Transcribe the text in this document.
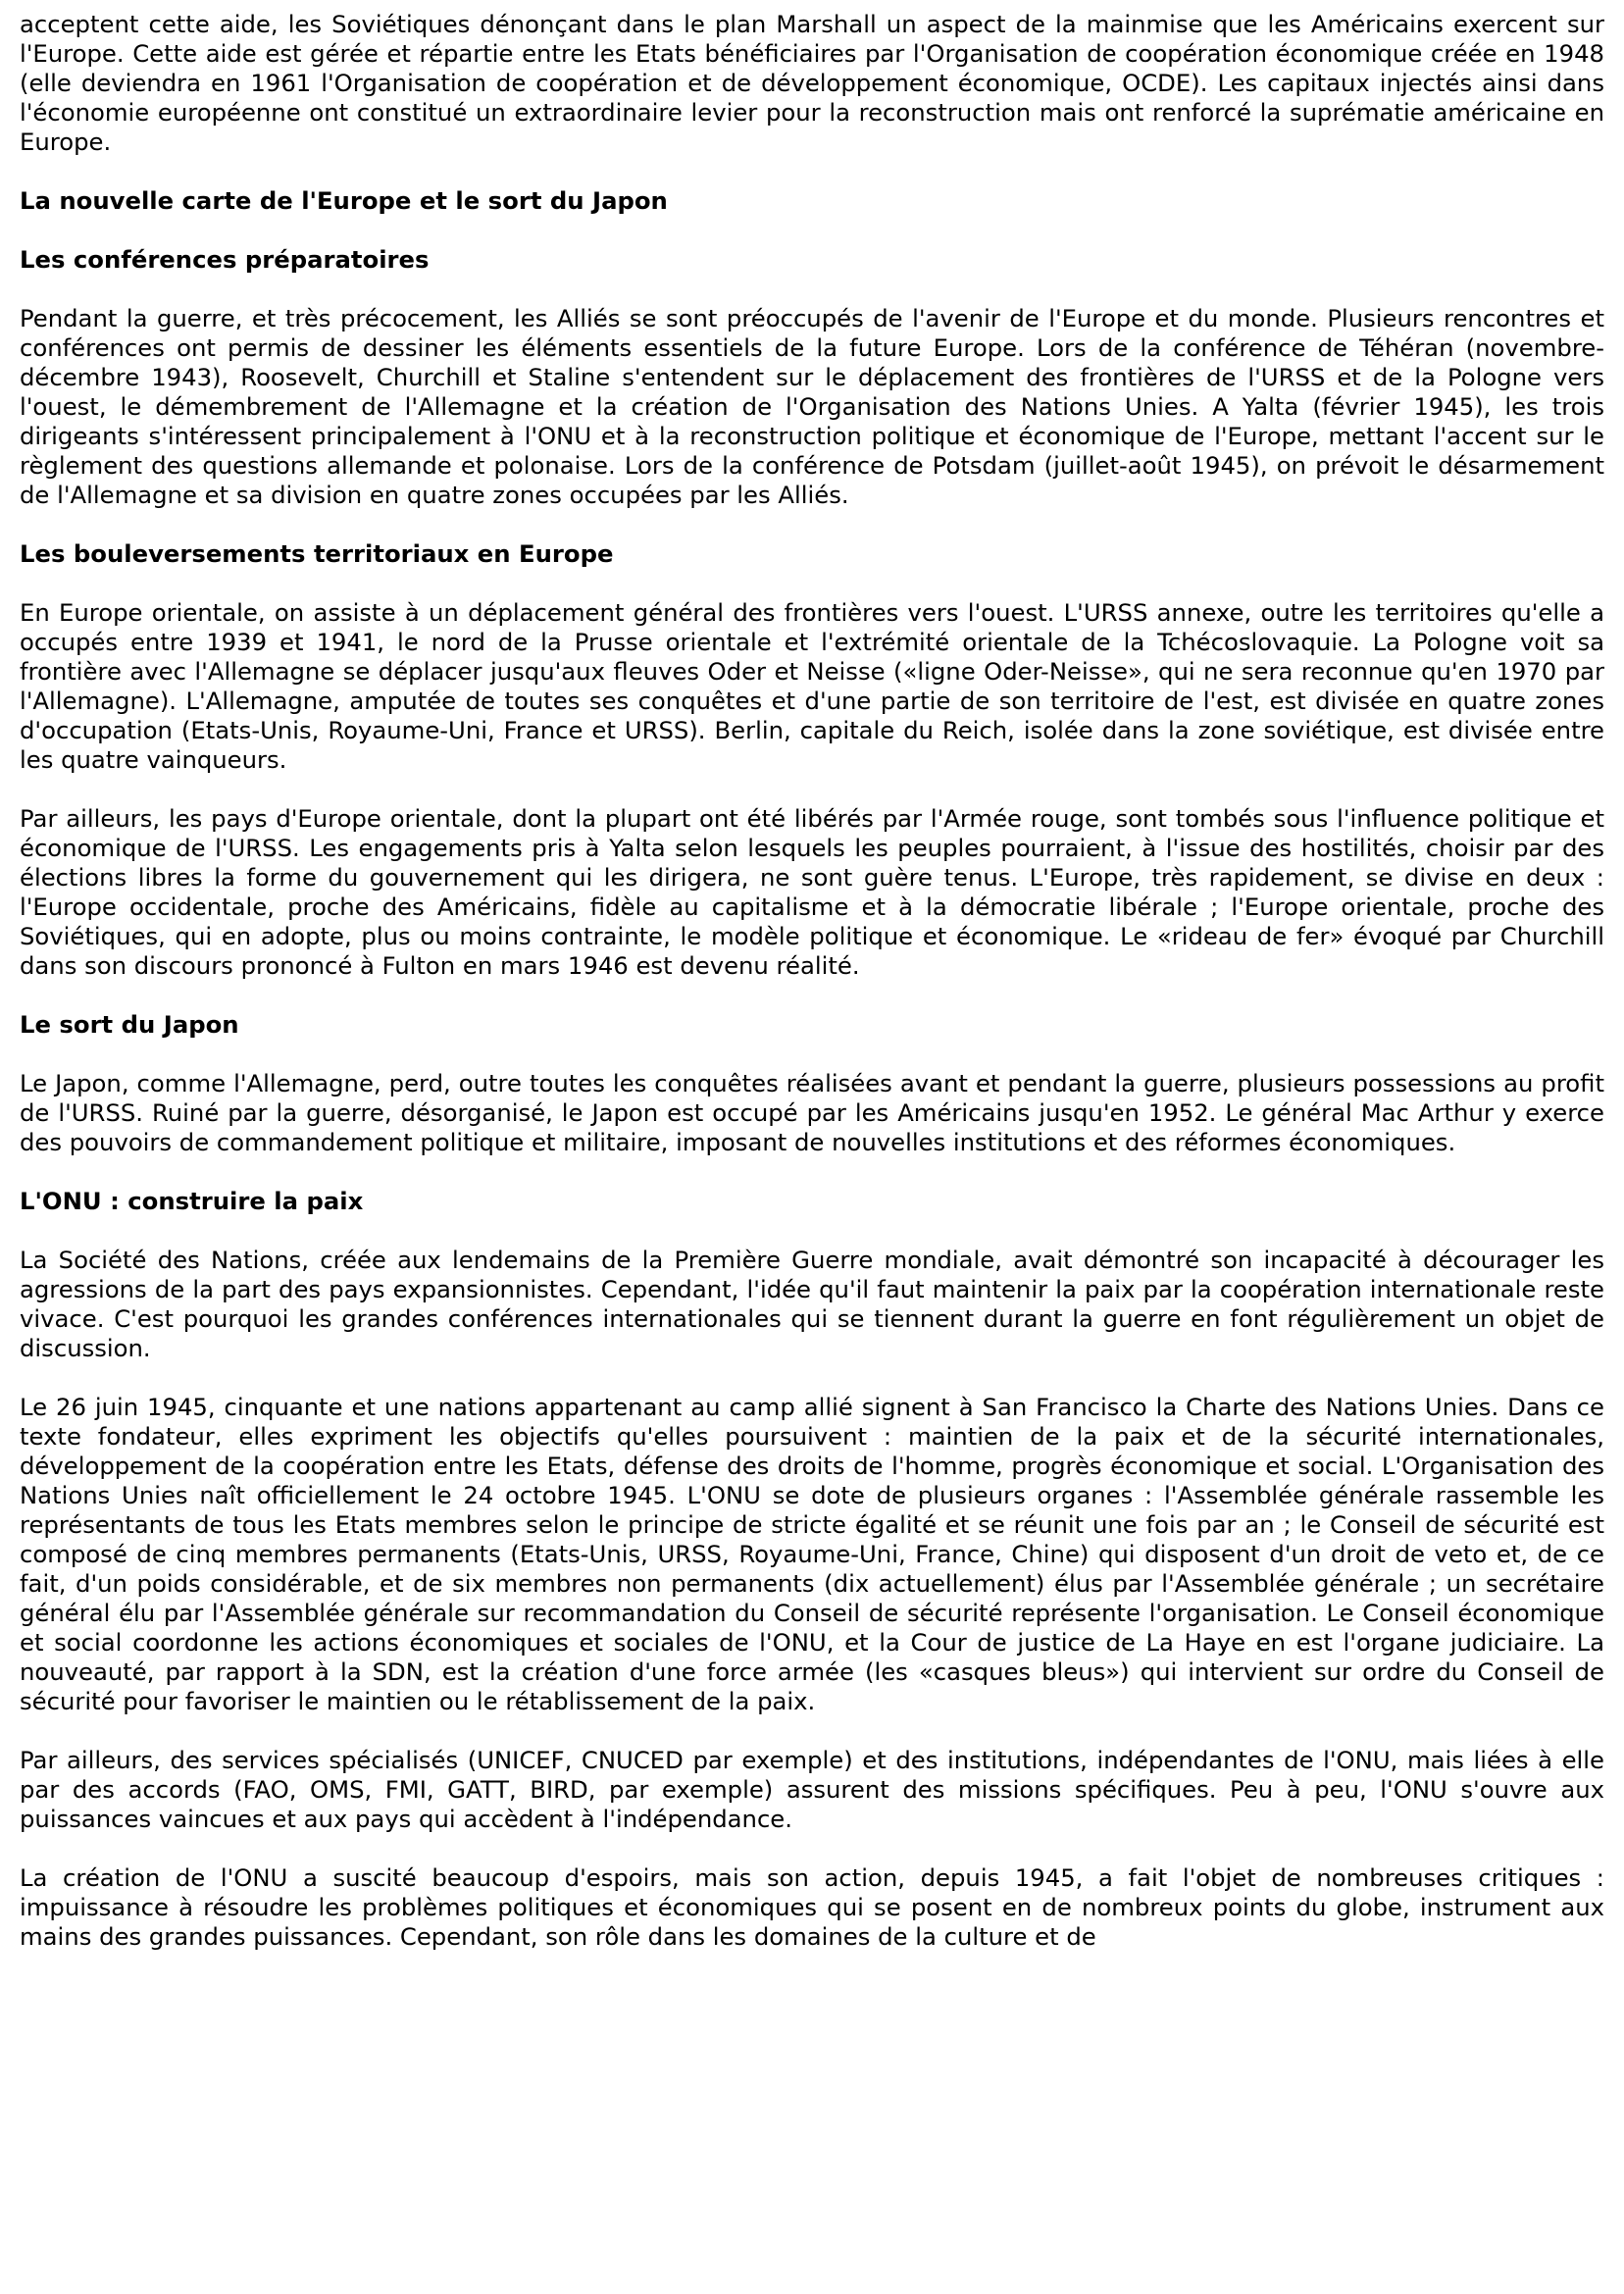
acceptent cette aide, les Soviétiques dénonçant dans le plan Marshall un aspect de la mainmise que les Américains exercent sur l'Europe. Cette aide est gérée et répartie entre les Etats bénéficiaires par l'Organisation de coopération économique créée en 1948 (elle deviendra en 1961 l'Organisation de coopération et de développement économique, OCDE). Les capitaux injectés ainsi dans l'économie européenne ont constitué un extraordinaire levier pour la reconstruction mais ont renforcé la suprématie américaine en Europe.

La nouvelle carte de l'Europe et le sort du Japon

Les conférences préparatoires

Pendant la guerre, et très précocement, les Alliés se sont préoccupés de l'avenir de l'Europe et du monde. Plusieurs rencontres et conférences ont permis de dessiner les éléments essentiels de la future Europe. Lors de la conférence de Téhéran (novembre-décembre 1943), Roosevelt, Churchill et Staline s'entendent sur le déplacement des frontières de l'URSS et de la Pologne vers l'ouest, le démembrement de l'Allemagne et la création de l'Organisation des Nations Unies. A Yalta (février 1945), les trois dirigeants s'intéressent principalement à l'ONU et à la reconstruction politique et économique de l'Europe, mettant l'accent sur le règlement des questions allemande et polonaise. Lors de la conférence de Potsdam (juillet-août 1945), on prévoit le désarmement de l'Allemagne et sa division en quatre zones occupées par les Alliés.

Les bouleversements territoriaux en Europe

En Europe orientale, on assiste à un déplacement général des frontières vers l'ouest. L'URSS annexe, outre les territoires qu'elle a occupés entre 1939 et 1941, le nord de la Prusse orientale et l'extrémité orientale de la Tchécoslovaquie. La Pologne voit sa frontière avec l'Allemagne se déplacer jusqu'aux fleuves Oder et Neisse («ligne Oder-Neisse», qui ne sera reconnue qu'en 1970 par l'Allemagne). L'Allemagne, amputée de toutes ses conquêtes et d'une partie de son territoire de l'est, est divisée en quatre zones d'occupation (Etats-Unis, Royaume-Uni, France et URSS). Berlin, capitale du Reich, isolée dans la zone soviétique, est divisée entre les quatre vainqueurs.

Par ailleurs, les pays d'Europe orientale, dont la plupart ont été libérés par l'Armée rouge, sont tombés sous l'influence politique et économique de l'URSS. Les engagements pris à Yalta selon lesquels les peuples pourraient, à l'issue des hostilités, choisir par des élections libres la forme du gouvernement qui les dirigera, ne sont guère tenus. L'Europe, très rapidement, se divise en deux : l'Europe occidentale, proche des Américains, fidèle au capitalisme et à la démocratie libérale ; l'Europe orientale, proche des Soviétiques, qui en adopte, plus ou moins contrainte, le modèle politique et économique. Le «rideau de fer» évoqué par Churchill dans son discours prononcé à Fulton en mars 1946 est devenu réalité.

Le sort du Japon

Le Japon, comme l'Allemagne, perd, outre toutes les conquêtes réalisées avant et pendant la guerre, plusieurs possessions au profit de l'URSS. Ruiné par la guerre, désorganisé, le Japon est occupé par les Américains jusqu'en 1952. Le général Mac Arthur y exerce des pouvoirs de commandement politique et militaire, imposant de nouvelles institutions et des réformes économiques.

L'ONU : construire la paix

La Société des Nations, créée aux lendemains de la Première Guerre mondiale, avait démontré son incapacité à décourager les agressions de la part des pays expansionnistes. Cependant, l'idée qu'il faut maintenir la paix par la coopération internationale reste vivace. C'est pourquoi les grandes conférences internationales qui se tiennent durant la guerre en font régulièrement un objet de discussion.

Le 26 juin 1945, cinquante et une nations appartenant au camp allié signent à San Francisco la Charte des Nations Unies. Dans ce texte fondateur, elles expriment les objectifs qu'elles poursuivent : maintien de la paix et de la sécurité internationales, développement de la coopération entre les Etats, défense des droits de l'homme, progrès économique et social. L'Organisation des Nations Unies naît officiellement le 24 octobre 1945. L'ONU se dote de plusieurs organes : l'Assemblée générale rassemble les représentants de tous les Etats membres selon le principe de stricte égalité et se réunit une fois par an ; le Conseil de sécurité est composé de cinq membres permanents (Etats-Unis, URSS, Royaume-Uni, France, Chine) qui disposent d'un droit de veto et, de ce fait, d'un poids considérable, et de six membres non permanents (dix actuellement) élus par l'Assemblée générale ; un secrétaire général élu par l'Assemblée générale sur recommandation du Conseil de sécurité représente l'organisation. Le Conseil économique et social coordonne les actions économiques et sociales de l'ONU, et la Cour de justice de La Haye en est l'organe judiciaire. La nouveauté, par rapport à la SDN, est la création d'une force armée (les «casques bleus») qui intervient sur ordre du Conseil de sécurité pour favoriser le maintien ou le rétablissement de la paix.

Par ailleurs, des services spécialisés (UNICEF, CNUCED par exemple) et des institutions, indépendantes de l'ONU, mais liées à elle par des accords (FAO, OMS, FMI, GATT, BIRD, par exemple) assurent des missions spécifiques. Peu à peu, l'ONU s'ouvre aux puissances vaincues et aux pays qui accèdent à l'indépendance.

La création de l'ONU a suscité beaucoup d'espoirs, mais son action, depuis 1945, a fait l'objet de nombreuses critiques : impuissance à résoudre les problèmes politiques et économiques qui se posent en de nombreux points du globe, instrument aux mains des grandes puissances. Cependant, son rôle dans les domaines de la culture et de
